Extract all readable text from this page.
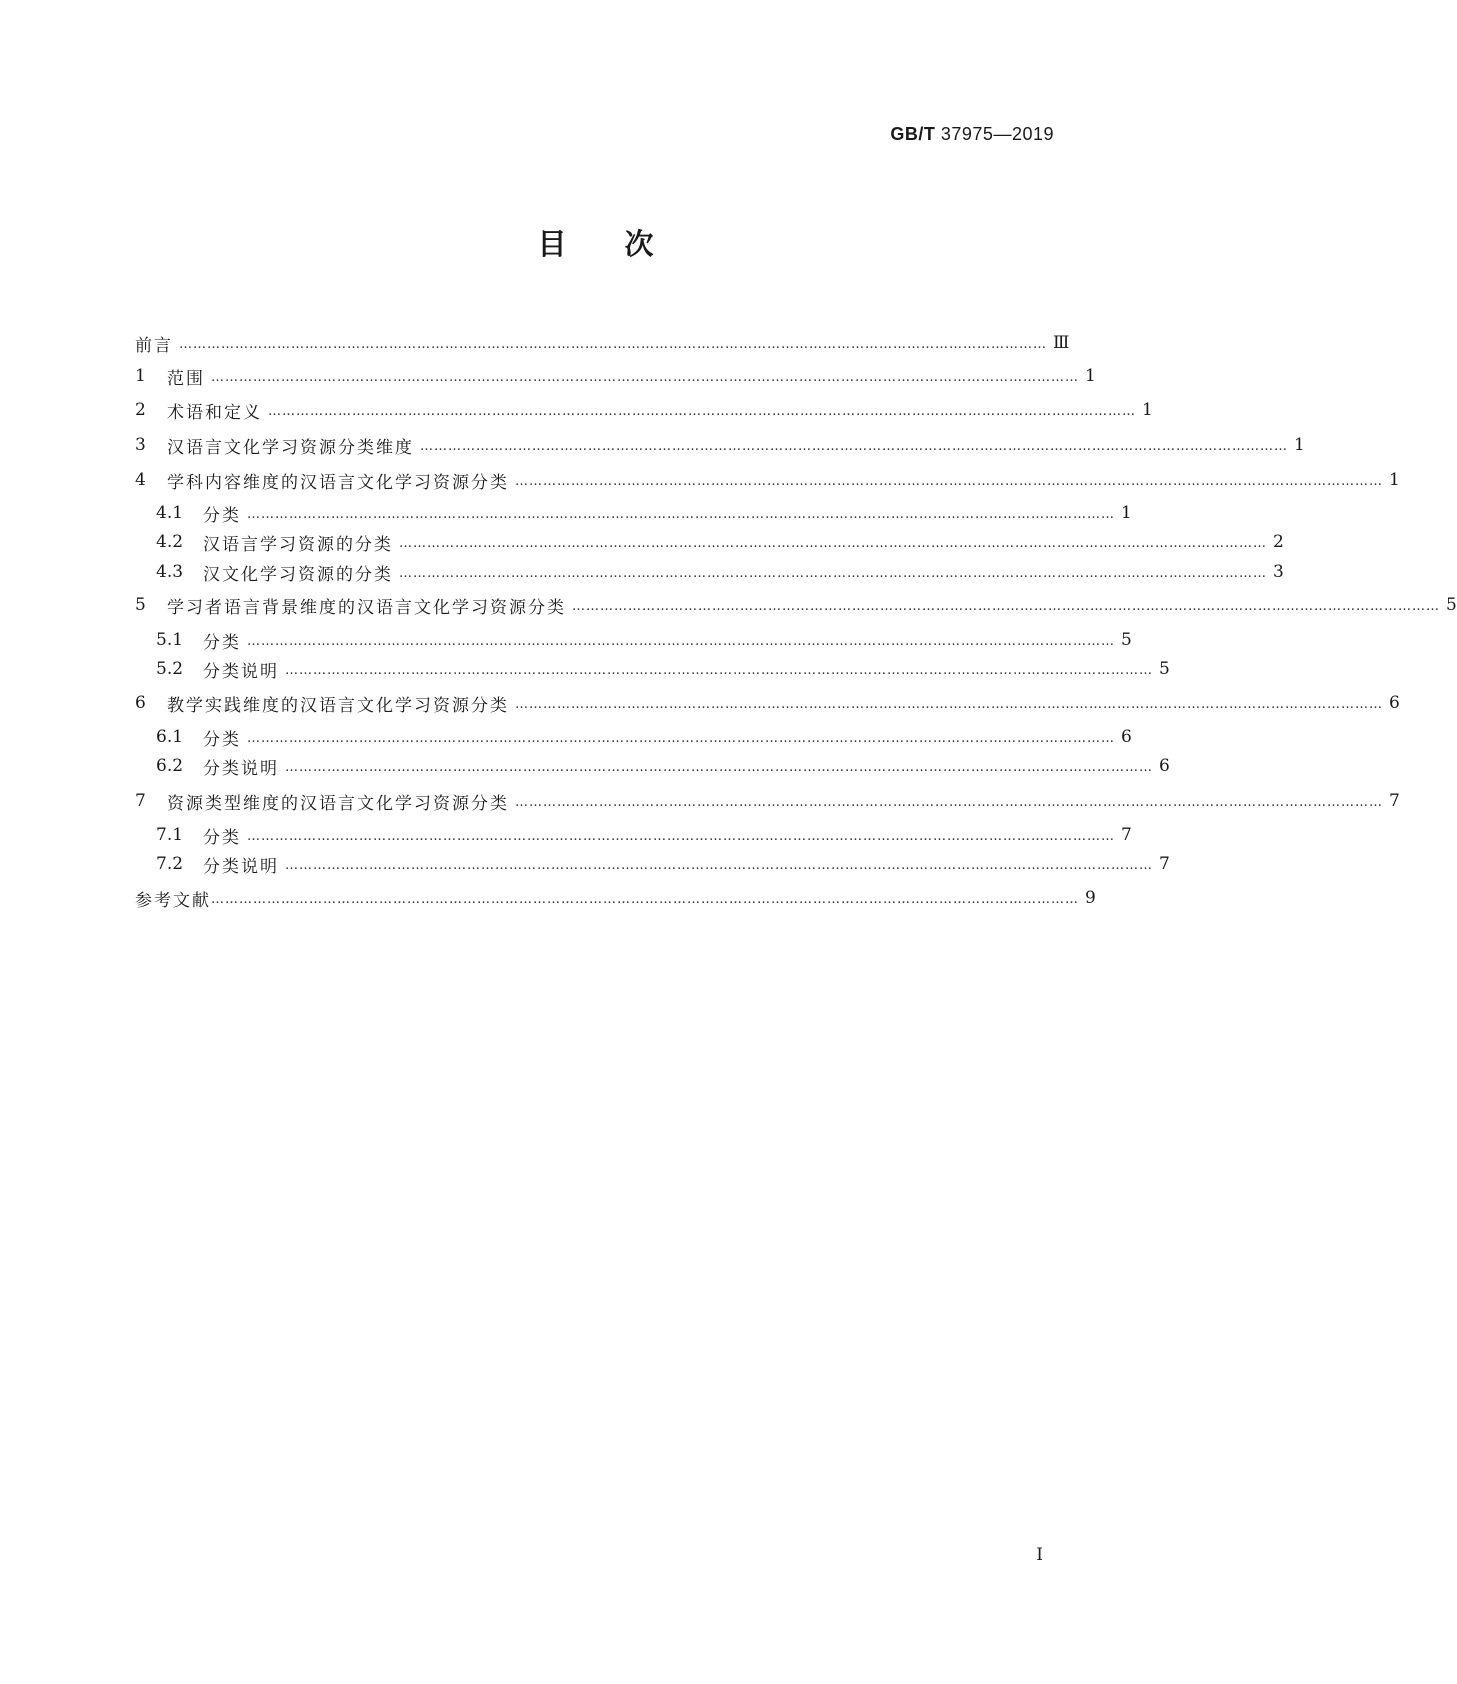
GB/T 37975—2019
目次
前言 …………………………………………………………………………………………………………………………………………………………………… Ⅲ
1	范围 …………………………………………………………………………………………………………………………………………………………………… 1
2	术语和定义 …………………………………………………………………………………………………………………………………………………………………… 1
3	汉语言文化学习资源分类维度 …………………………………………………………………………………………………………………………………………………………………… 1
4	学科内容维度的汉语言文化学习资源分类 …………………………………………………………………………………………………………………………………………………………………… 1
4.1	分类 …………………………………………………………………………………………………………………………………………………………………… 1
4.2	汉语言学习资源的分类 …………………………………………………………………………………………………………………………………………………………………… 2
4.3	汉文化学习资源的分类 …………………………………………………………………………………………………………………………………………………………………… 3
5	学习者语言背景维度的汉语言文化学习资源分类 …………………………………………………………………………………………………………………………………………………………………… 5
5.1	分类 …………………………………………………………………………………………………………………………………………………………………… 5
5.2	分类说明 …………………………………………………………………………………………………………………………………………………………………… 5
6	教学实践维度的汉语言文化学习资源分类 …………………………………………………………………………………………………………………………………………………………………… 6
6.1	分类 …………………………………………………………………………………………………………………………………………………………………… 6
6.2	分类说明 …………………………………………………………………………………………………………………………………………………………………… 6
7	资源类型维度的汉语言文化学习资源分类 …………………………………………………………………………………………………………………………………………………………………… 7
7.1	分类 …………………………………………………………………………………………………………………………………………………………………… 7
7.2	分类说明 …………………………………………………………………………………………………………………………………………………………………… 7
参考文献 …………………………………………………………………………………………………………………………………………………………………… 9
I
